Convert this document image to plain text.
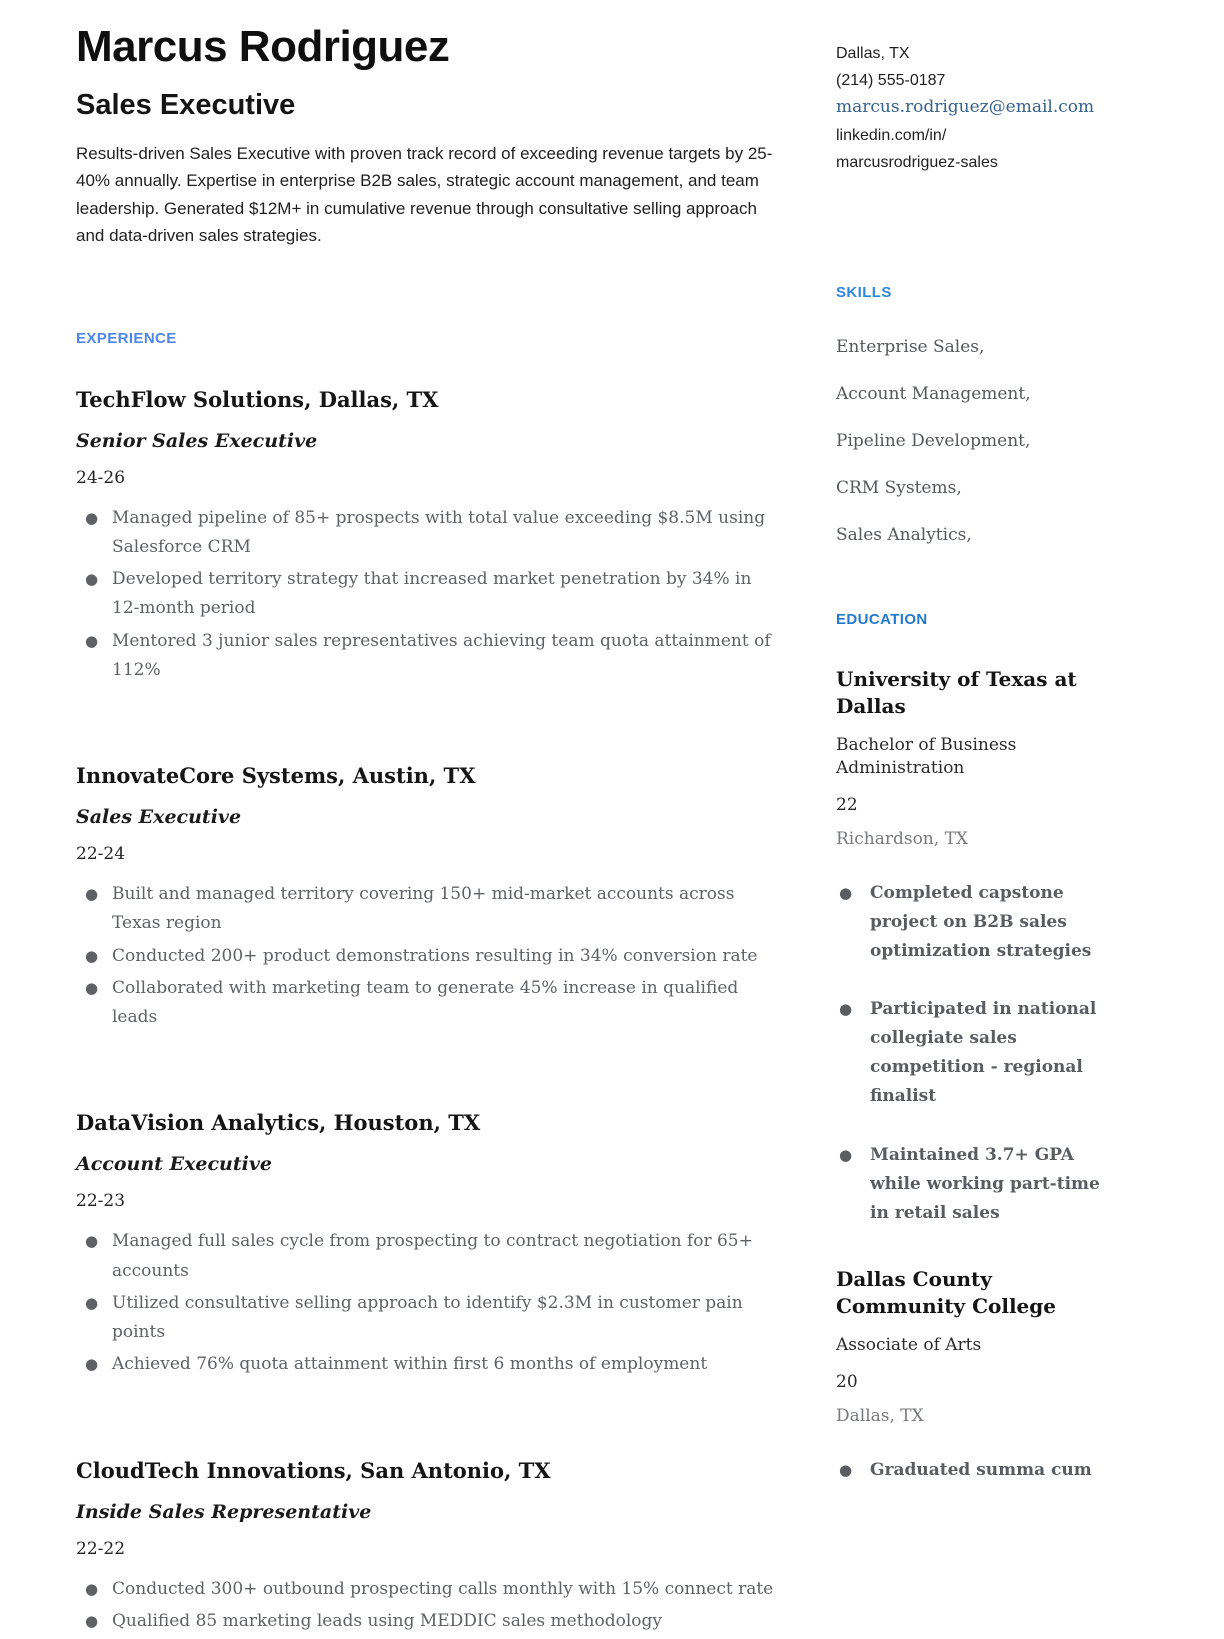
Marcus Rodriguez
Sales Executive

Results-driven Sales Executive with proven track record of exceeding revenue targets by 25-40% annually. Expertise in enterprise B2B sales, strategic account management, and team leadership. Generated $12M+ in cumulative revenue through consultative selling approach and data-driven sales strategies.

EXPERIENCE
TechFlow Solutions, Dallas, TX
Senior Sales Executive
24-26
● Managed pipeline of 85+ prospects with total value exceeding $8.5M using Salesforce CRM
● Developed territory strategy that increased market penetration by 34% in 12-month period
● Mentored 3 junior sales representatives achieving team quota attainment of 112%
InnovateCore Systems, Austin, TX
Sales Executive
22-24
● Built and managed territory covering 150+ mid-market accounts across Texas region
● Conducted 200+ product demonstrations resulting in 34% conversion rate
● Collaborated with marketing team to generate 45% increase in qualified leads
DataVision Analytics, Houston, TX
Account Executive
22-23
● Managed full sales cycle from prospecting to contract negotiation for 65+ accounts
● Utilized consultative selling approach to identify $2.3M in customer pain points
● Achieved 76% quota attainment within first 6 months of employment
CloudTech Innovations, San Antonio, TX
Inside Sales Representative
22-22
● Conducted 300+ outbound prospecting calls monthly with 15% connect rate
● Qualified 85 marketing leads using MEDDIC sales methodology
Dallas, TX
(214) 555-0187
marcus.rodriguez@email.com
linkedin.com/in/
marcusrodriguez-sales
SKILLS
Enterprise Sales,
Account Management,
Pipeline Development,
CRM Systems,
Sales Analytics,
EDUCATION
University of Texas at Dallas
Bachelor of Business Administration
22
Richardson, TX
●	Completed capstone project on B2B sales optimization strategies
●	Participated in national collegiate sales competition - regional finalist
●	Maintained 3.7+ GPA while working part-time in retail sales
Dallas County Community College
Associate of Arts
20
Dallas, TX
●	Graduated summa cum
